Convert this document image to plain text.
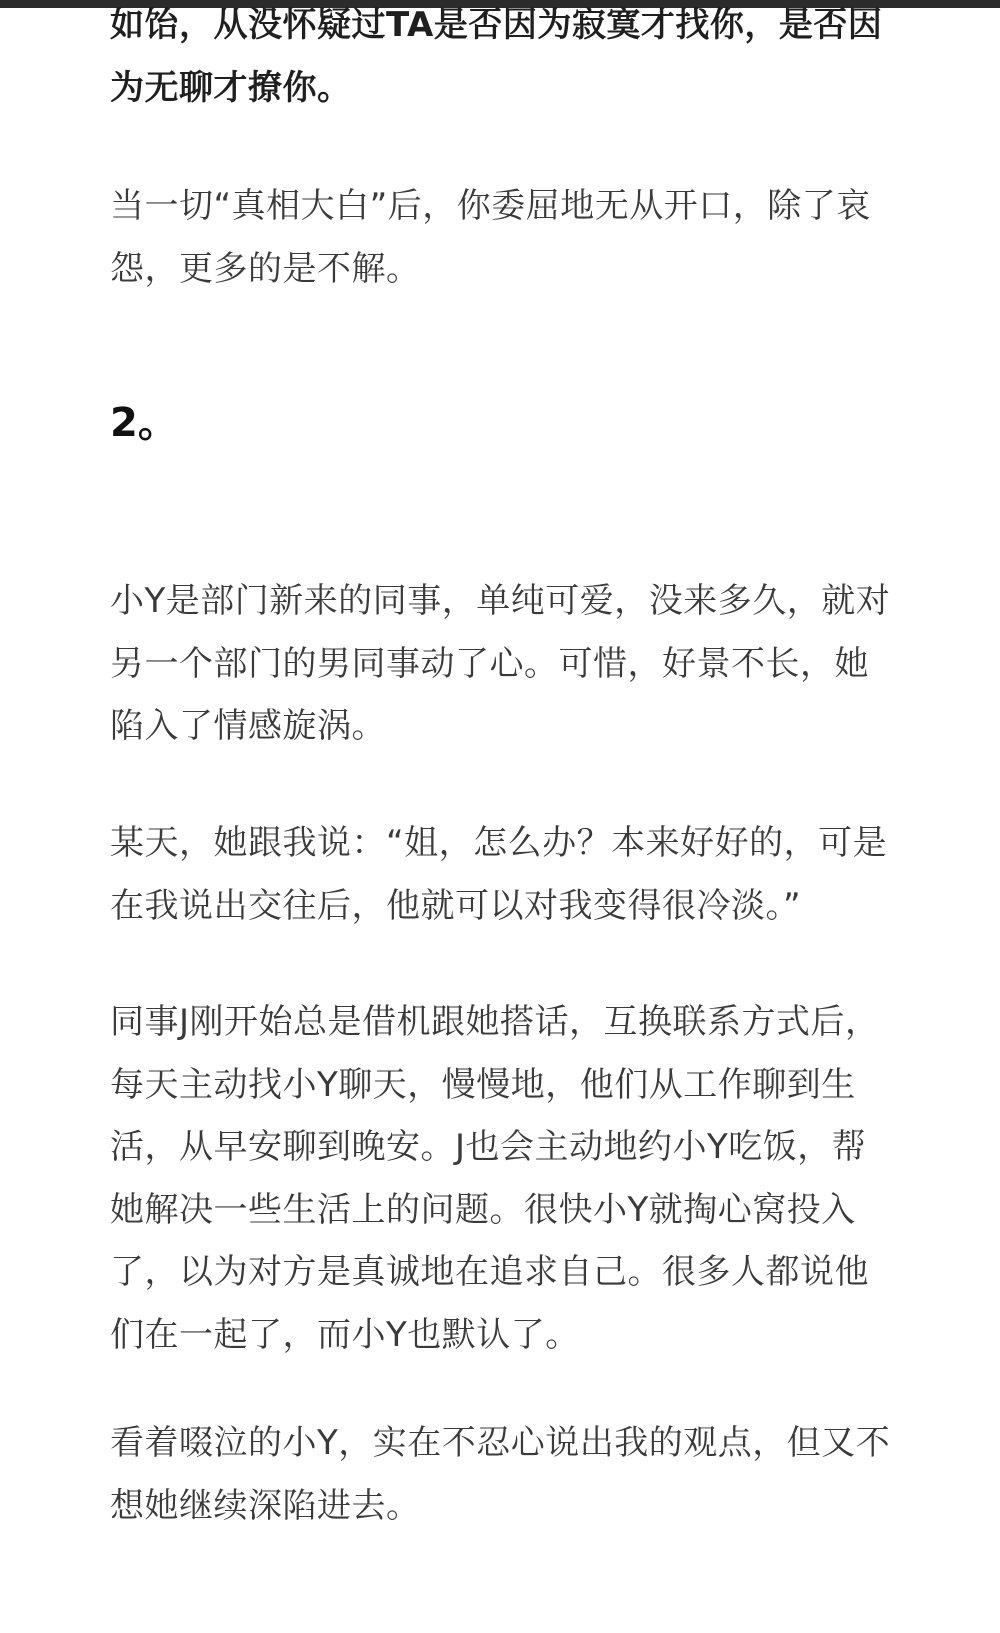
如饴，从没怀疑过TA是否因为寂寞才找你，是否因为无聊才撩你。

当一切“真相大白”后，你委屈地无从开口，除了哀怨，更多的是不解。

2。

小Y是部门新来的同事，单纯可爱，没来多久，就对另一个部门的男同事动了心。可惜，好景不长，她陷入了情感旋涡。

某天，她跟我说：“姐，怎么办？本来好好的，可是在我说出交往后，他就可以对我变得很冷淡。”

同事J刚开始总是借机跟她搭话，互换联系方式后，每天主动找小Y聊天，慢慢地，他们从工作聊到生活，从早安聊到晚安。J也会主动地约小Y吃饭，帮她解决一些生活上的问题。很快小Y就掏心窝投入了，以为对方是真诚地在追求自己。很多人都说他们在一起了，而小Y也默认了。

看着啜泣的小Y，实在不忍心说出我的观点，但又不想她继续深陷进去。
